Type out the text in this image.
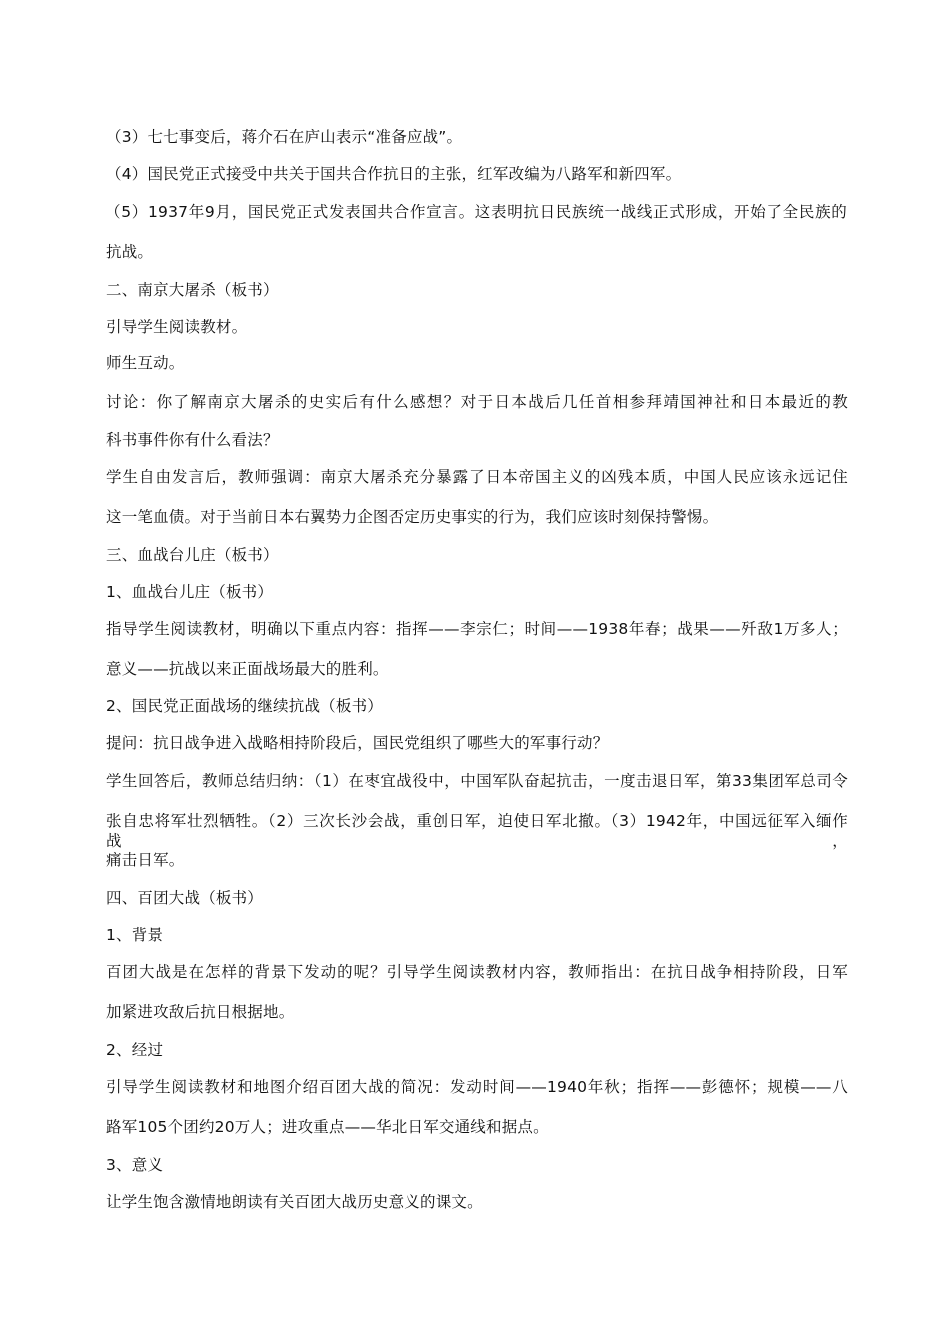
（3）七七事变后，蒋介石在庐山表示“准备应战”。
（4）国民党正式接受中共关于国共合作抗日的主张，红军改编为八路军和新四军。
（5）1937年9月，国民党正式发表国共合作宣言。这表明抗日民族统一战线正式形成，开始了全民族的
抗战。
二、南京大屠杀（板书）
引导学生阅读教材。
师生互动。
讨论：你了解南京大屠杀的史实后有什么感想？对于日本战后几任首相参拜靖国神社和日本最近的教
科书事件你有什么看法？
学生自由发言后，教师强调：南京大屠杀充分暴露了日本帝国主义的凶残本质，中国人民应该永远记住
这一笔血债。对于当前日本右翼势力企图否定历史事实的行为，我们应该时刻保持警惕。
三、血战台儿庄（板书）
1、血战台儿庄（板书）
指导学生阅读教材，明确以下重点内容：指挥——李宗仁；时间——1938年春；战果——歼敌1万多人；
意义——抗战以来正面战场最大的胜利。
2、国民党正面战场的继续抗战（板书）
提问：抗日战争进入战略相持阶段后，国民党组织了哪些大的军事行动？
学生回答后，教师总结归纳：（1）在枣宜战役中，中国军队奋起抗击，一度击退日军，第33集团军总司令
张自忠将军壮烈牺牲。（2）三次长沙会战，重创日军，迫使日军北撤。（3）1942年，中国远征军入缅作战，
痛击日军。
四、百团大战（板书）
1、背景
百团大战是在怎样的背景下发动的呢？引导学生阅读教材内容，教师指出：在抗日战争相持阶段，日军
加紧进攻敌后抗日根据地。
2、经过
引导学生阅读教材和地图介绍百团大战的简况：发动时间——1940年秋；指挥——彭德怀；规模——八
路军105个团约20万人；进攻重点——华北日军交通线和据点。
3、意义
让学生饱含激情地朗读有关百团大战历史意义的课文。
